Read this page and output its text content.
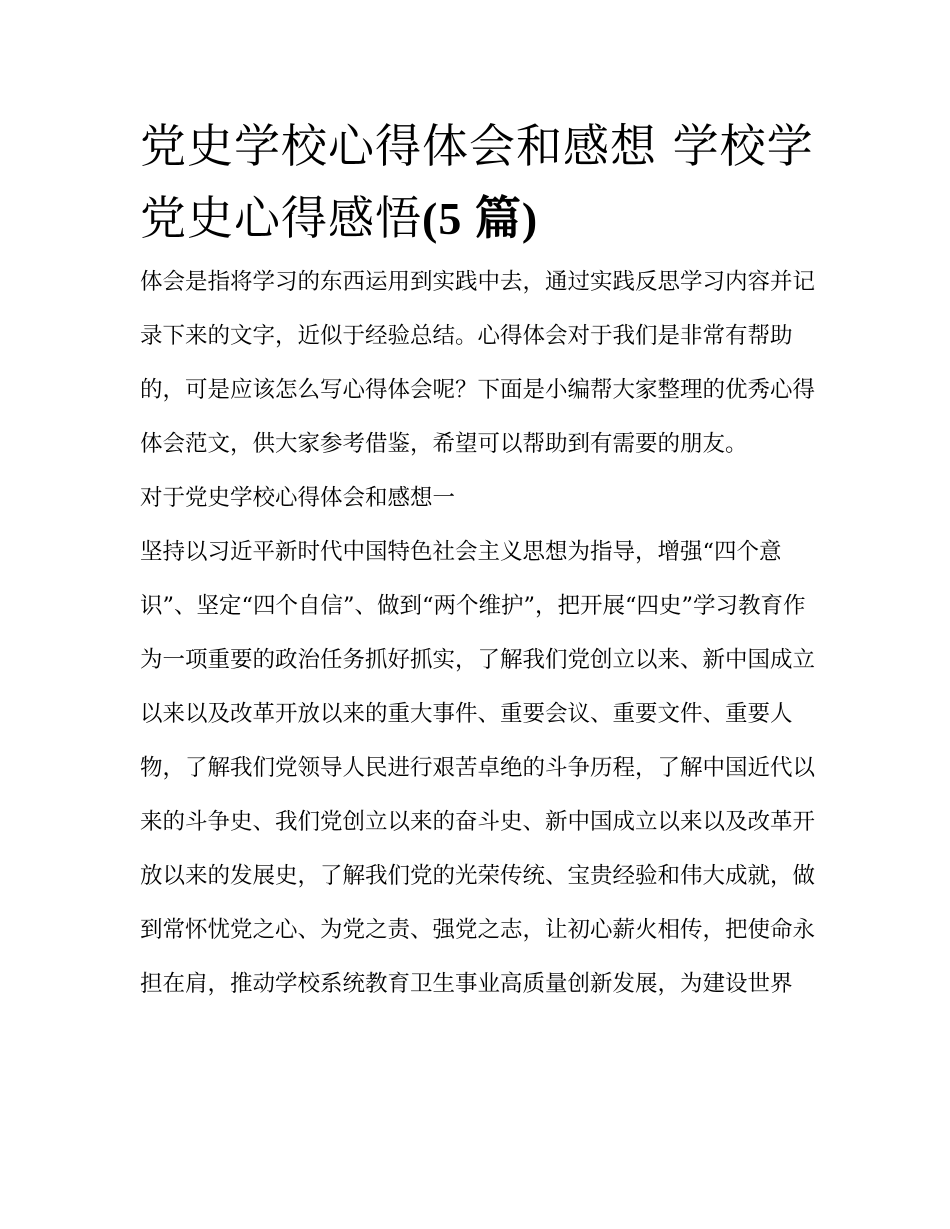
党史学校心得体会和感想 学校学党史心得感悟(5 篇)

体会是指将学习的东西运用到实践中去，通过实践反思学习内容并记录下来的文字，近似于经验总结。心得体会对于我们是非常有帮助的，可是应该怎么写心得体会呢？下面是小编帮大家整理的优秀心得体会范文，供大家参考借鉴，希望可以帮助到有需要的朋友。

对于党史学校心得体会和感想一

坚持以习近平新时代中国特色社会主义思想为指导，增强“四个意识”、坚定“四个自信”、做到“两个维护”，把开展“四史”学习教育作为一项重要的政治任务抓好抓实，了解我们党创立以来、新中国成立以来以及改革开放以来的重大事件、重要会议、重要文件、重要人物，了解我们党领导人民进行艰苦卓绝的斗争历程，了解中国近代以来的斗争史、我们党创立以来的奋斗史、新中国成立以来以及改革开放以来的发展史，了解我们党的光荣传统、宝贵经验和伟大成就，做到常怀忧党之心、为党之责、强党之志，让初心薪火相传，把使命永担在肩，推动学校系统教育卫生事业高质量创新发展，为建设世界
